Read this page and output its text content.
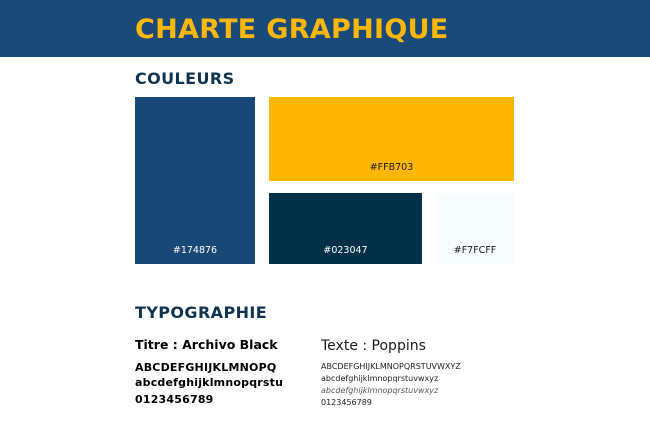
CHARTE GRAPHIQUE
COULEURS
#174876
#FFB703
#023047	#F7FCFF
TYPOGRAPHIE
Titre : Archivo Black
ABCDEFGHIJKLMNOPQ
abcdefghijklmnopqrstu
0123456789
Texte : Poppins
ABCDEFGHIJKLMNOPQRSTUVWXYZ
abcdefghijklmnopqrstuvwxyz
abcdefghijklmnopqrstuvwxyz
0123456789
